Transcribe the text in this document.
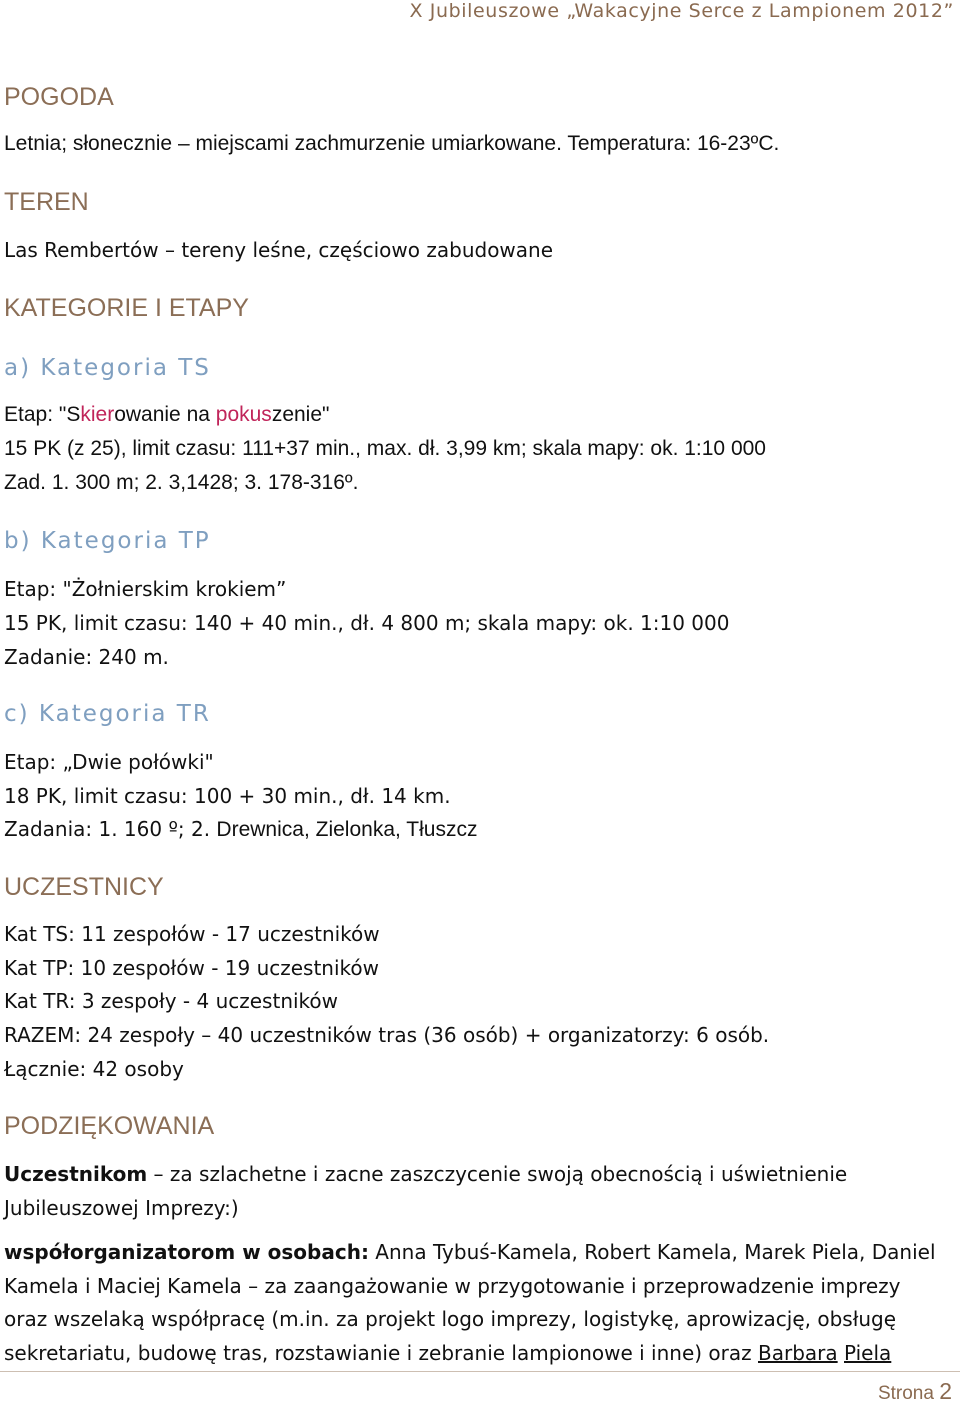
X Jubileuszowe „Wakacyjne Serce z Lampionem 2012”
POGODA
Letnia; słonecznie – miejscami zachmurzenie umiarkowane. Temperatura: 16-23ºC.
TEREN
Las Rembertów – tereny leśne, częściowo zabudowane
KATEGORIE I ETAPY
a) Kategoria TS
Etap: "Skierowanie na pokuszenie"
15 PK (z 25), limit czasu: 111+37 min., max. dł. 3,99 km; skala mapy: ok. 1:10 000
Zad. 1. 300 m; 2. 3,1428; 3. 178-316º.
b) Kategoria TP
Etap: "Żołnierskim krokiem”
15 PK, limit czasu: 140 + 40 min., dł. 4 800 m; skala mapy: ok. 1:10 000
Zadanie: 240 m.
c) Kategoria TR
Etap: „Dwie połówki"
18 PK, limit czasu: 100 + 30 min., dł. 14 km.
Zadania: 1. 160 º; 2. Drewnica, Zielonka, Tłuszcz
UCZESTNICY
Kat TS: 11 zespołów - 17 uczestników
Kat TP: 10 zespołów - 19 uczestników
Kat TR: 3 zespoły - 4 uczestników
RAZEM: 24 zespoły – 40 uczestników tras (36 osób) + organizatorzy: 6 osób.
Łącznie: 42 osoby
PODZIĘKOWANIA
Uczestnikom – za szlachetne i zacne zaszczycenie swoją obecnością i uświetnienie
Jubileuszowej Imprezy:)
współorganizatorom w osobach: Anna Tybuś-Kamela, Robert Kamela, Marek Piela, Daniel
Kamela i Maciej Kamela – za zaangażowanie w przygotowanie i przeprowadzenie imprezy
oraz wszelaką współpracę (m.in. za projekt logo imprezy, logistykę, aprowizację, obsługę
sekretariatu, budowę tras, rozstawianie i zebranie lampionowe i inne) oraz Barbara Piela
Strona 2
